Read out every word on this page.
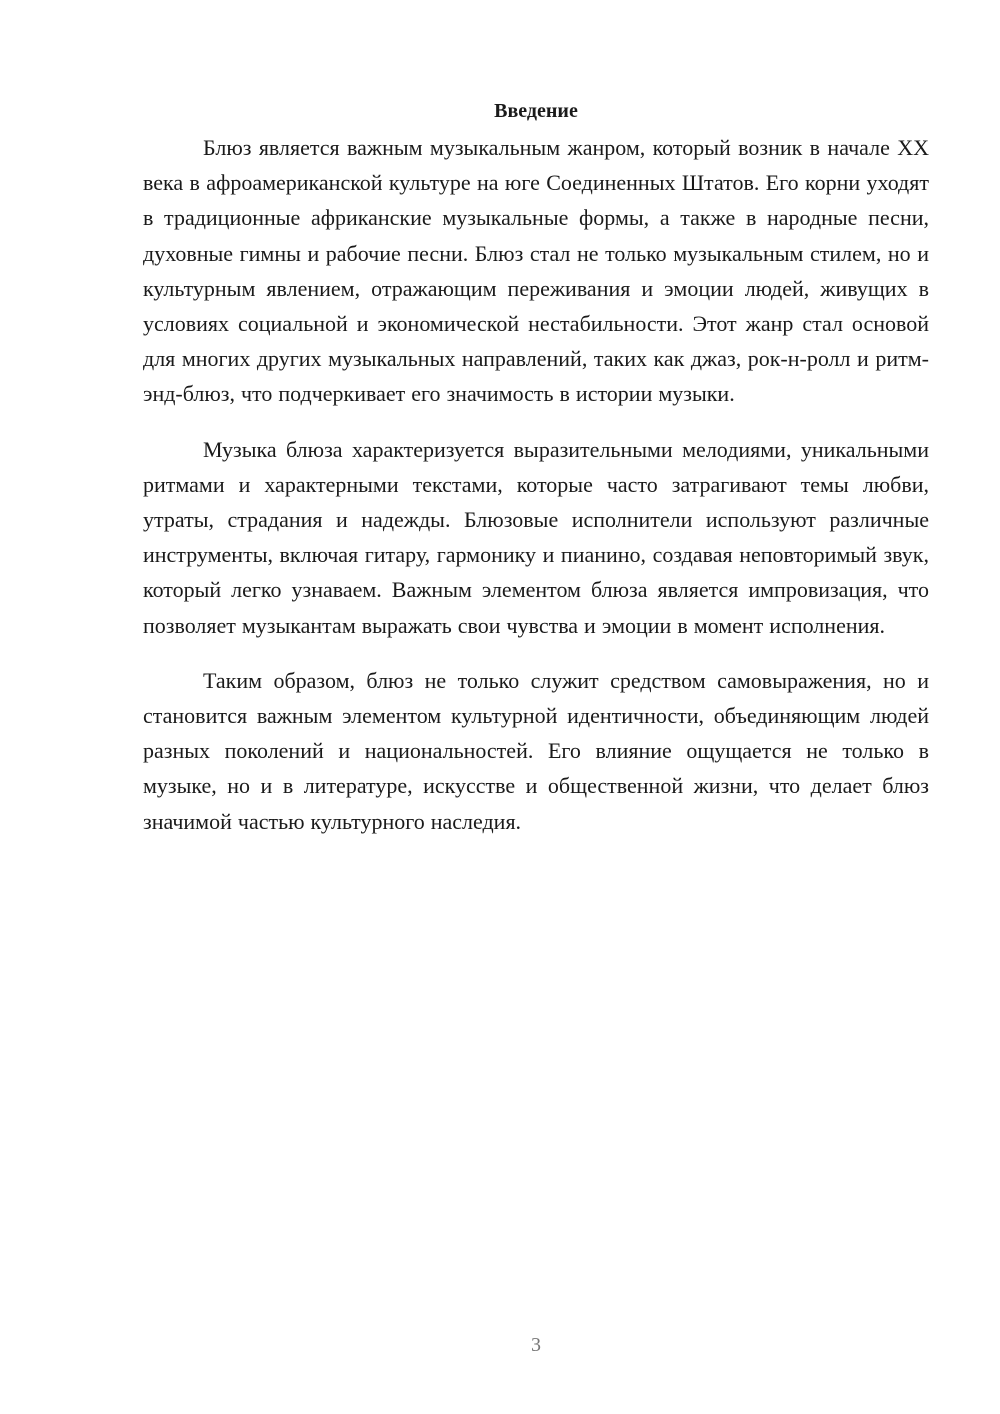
Введение

Блюз является важным музыкальным жанром, который возник в начале XX века в афроамериканской культуре на юге Соединенных Штатов. Его корни уходят в традиционные африканские музыкальные формы, а также в народные песни, духовные гимны и рабочие песни. Блюз стал не только музыкальным стилем, но и культурным явлением, отражающим переживания и эмоции людей, живущих в условиях социальной и экономической нестабильности. Этот жанр стал основой для многих других музыкальных направлений, таких как джаз, рок-н-ролл и ритм-энд-блюз, что подчеркивает его значимость в истории музыки.

Музыка блюза характеризуется выразительными мелодиями, уникальными ритмами и характерными текстами, которые часто затрагивают темы любви, утраты, страдания и надежды. Блюзовые исполнители используют различные инструменты, включая гитару, гармонику и пианино, создавая неповторимый звук, который легко узнаваем. Важным элементом блюза является импровизация, что позволяет музыкантам выражать свои чувства и эмоции в момент исполнения.

Таким образом, блюз не только служит средством самовыражения, но и становится важным элементом культурной идентичности, объединяющим людей разных поколений и национальностей. Его влияние ощущается не только в музыке, но и в литературе, искусстве и общественной жизни, что делает блюз значимой частью культурного наследия.

3
